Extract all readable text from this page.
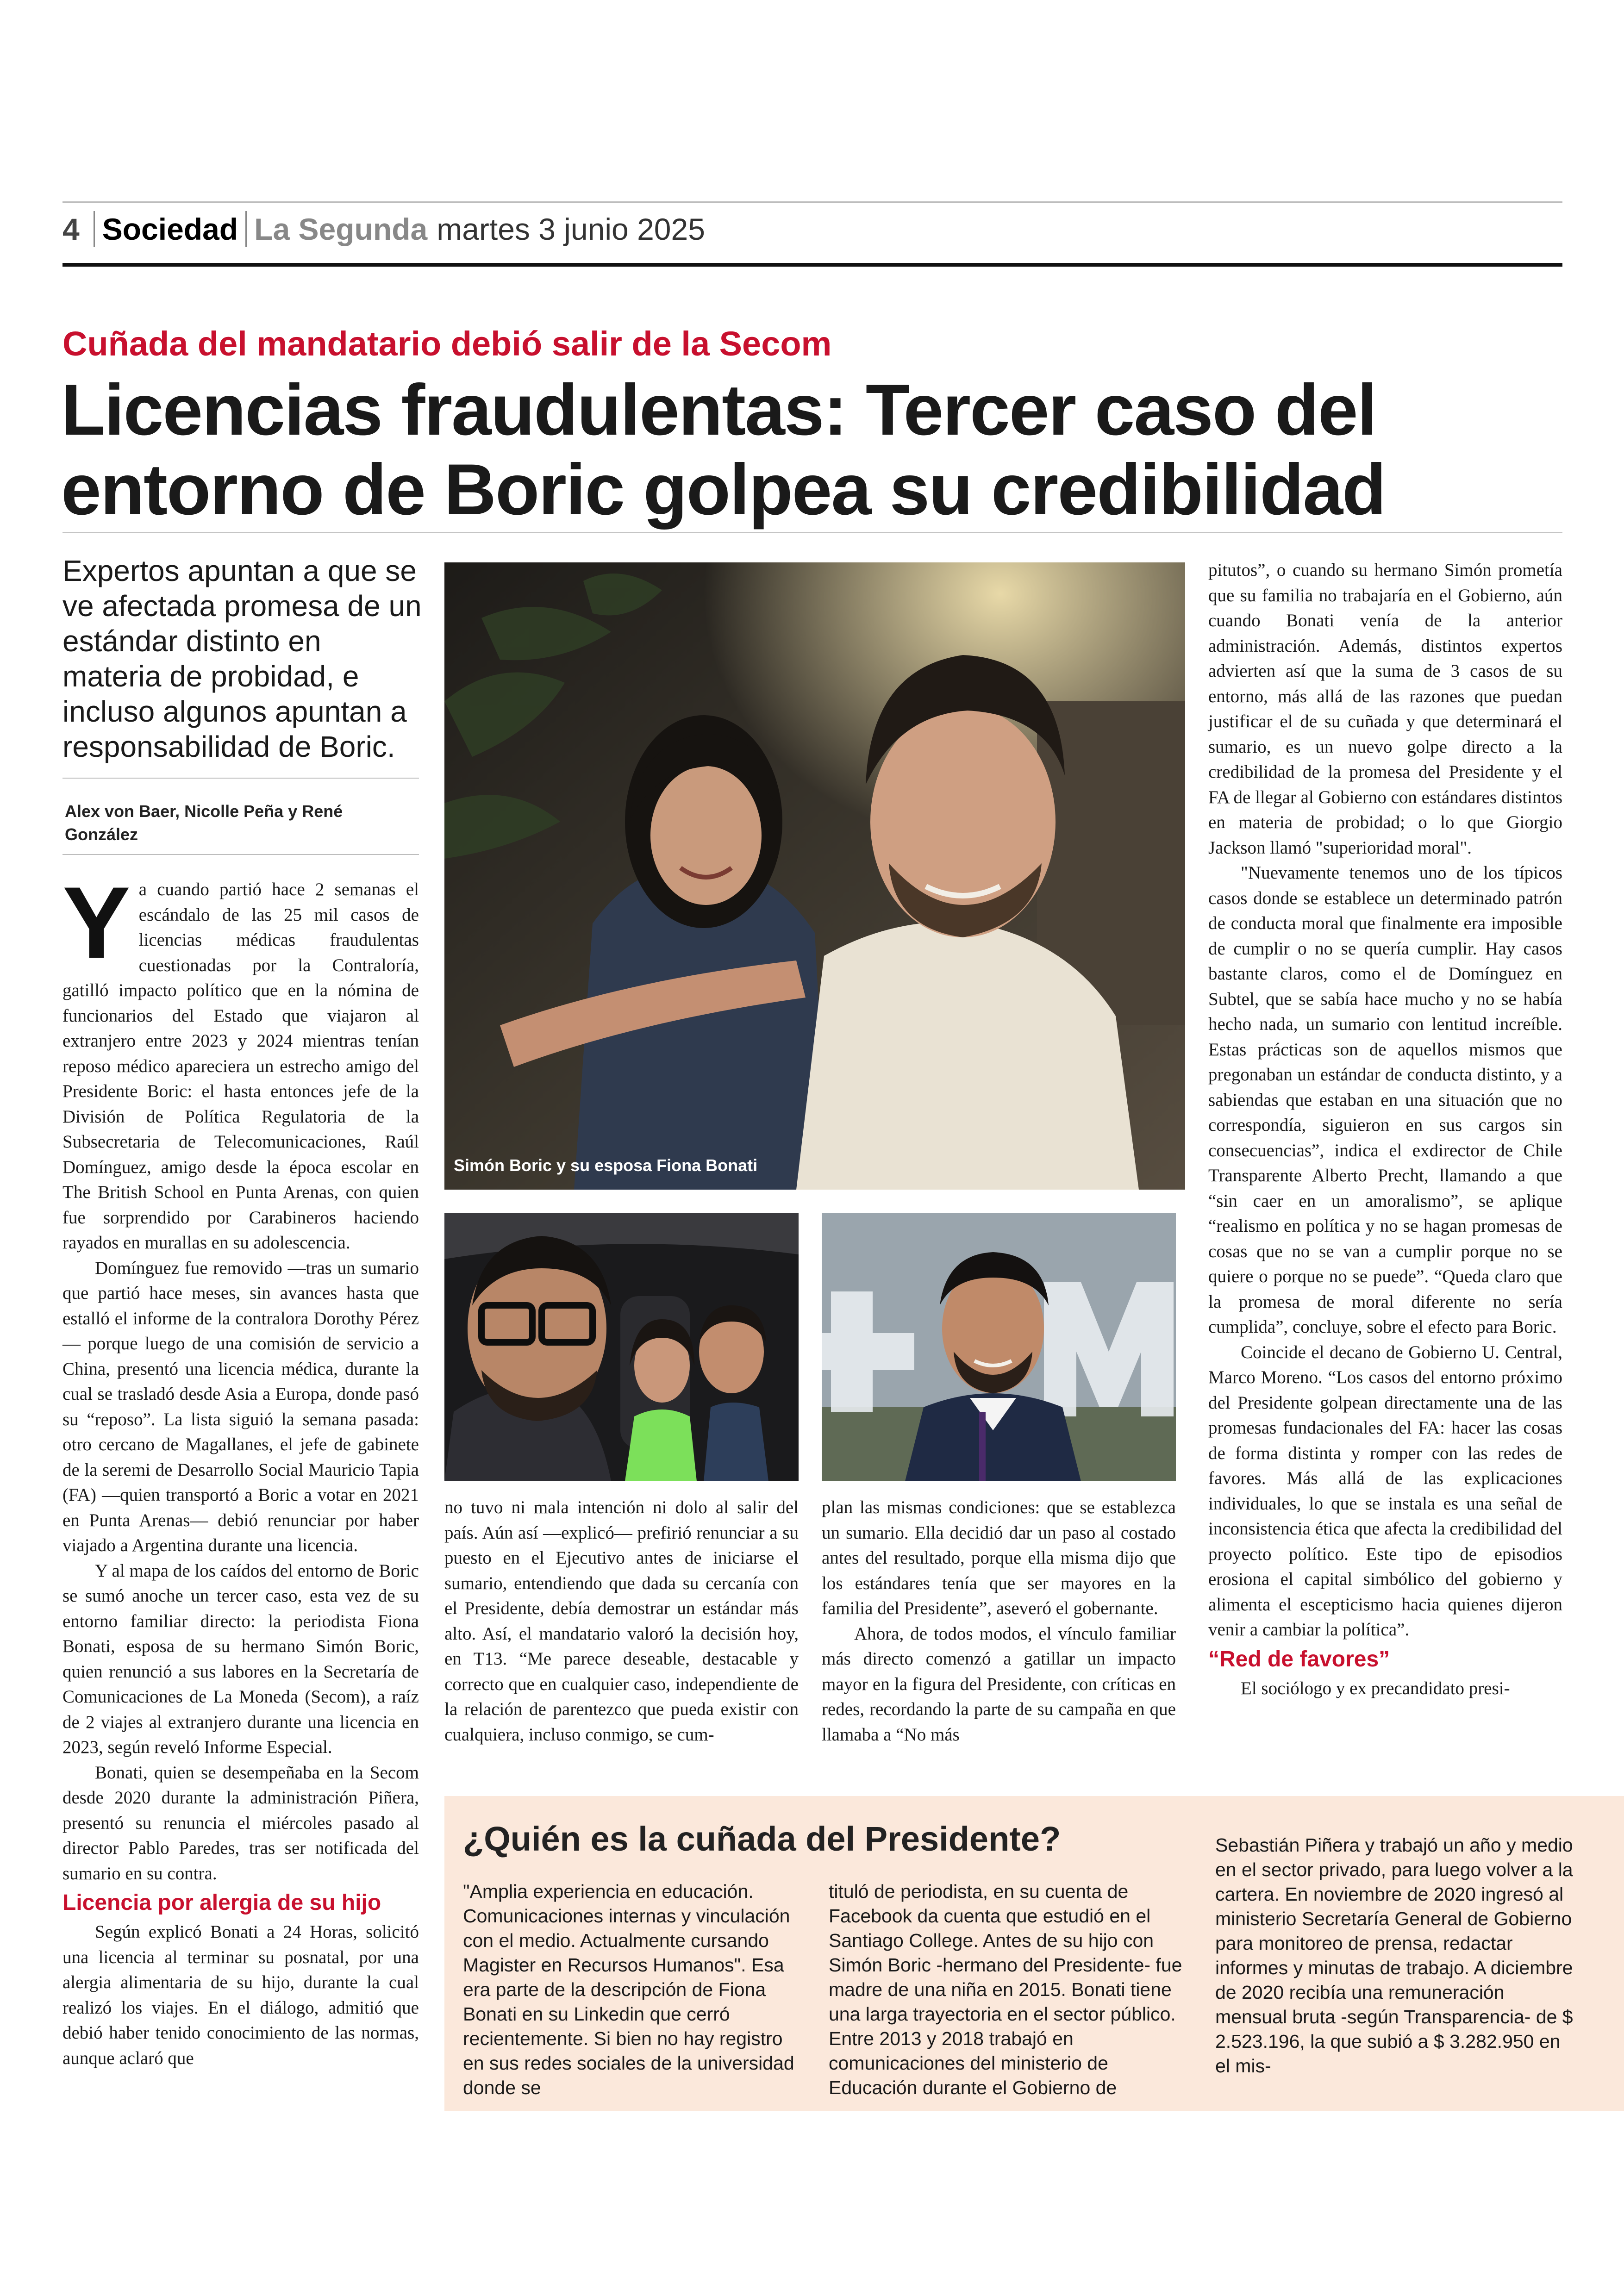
4 Sociedad La Segunda martes 3 junio 2025
Cuñada del mandatario debió salir de la Secom
Licencias fraudulentas: Tercer caso del
entorno de Boric golpea su credibilidad
Expertos apuntan a que se ve afectada promesa de un estándar distinto en materia de probidad, e incluso algunos apuntan a responsabilidad de Boric.
Alex von Baer, Nicolle Peña y René González

Ya cuando partió hace 2 semanas el escándalo de las 25 mil casos de licencias médicas fraudulentas cuestionadas por la Contraloría, gatilló impacto político que en la nómina de funcionarios del Estado que viajaron al extranjero entre 2023 y 2024 mientras tenían reposo médico apareciera un estrecho amigo del Presidente Boric: el hasta entonces jefe de la División de Política Regulatoria de la Subsecretaria de Telecomunicaciones, Raúl Domínguez, amigo desde la época escolar en The British School en Punta Arenas, con quien fue sorprendido por Carabineros haciendo rayados en murallas en su adolescencia.

Domínguez fue removido —tras un sumario que partió hace meses, sin avances hasta que estalló el informe de la contralora Dorothy Pérez— porque luego de una comisión de servicio a China, presentó una licencia médica, durante la cual se trasladó desde Asia a Europa, donde pasó su “reposo”. La lista siguió la semana pasada: otro cercano de Magallanes, el jefe de gabinete de la seremi de Desarrollo Social Mauricio Tapia (FA) —quien transportó a Boric a votar en 2021 en Punta Arenas— debió renunciar por haber viajado a Argentina durante una licencia.

Y al mapa de los caídos del entorno de Boric se sumó anoche un tercer caso, esta vez de su entorno familiar directo: la periodista Fiona Bonati, esposa de su hermano Simón Boric, quien renunció a sus labores en la Secretaría de Comunicaciones de La Moneda (Secom), a raíz de 2 viajes al extranjero durante una licencia en 2023, según reveló Informe Especial.

Bonati, quien se desempeñaba en la Secom desde 2020 durante la administración Piñera, presentó su renuncia el miércoles pasado al director Pablo Paredes, tras ser notificada del sumario en su contra.

Licencia por alergia de su hijo

Según explicó Bonati a 24 Horas, solicitó una licencia al terminar su posnatal, por una alergia alimentaria de su hijo, durante la cual realizó los viajes. En el diálogo, admitió que debió haber tenido conocimiento de las normas, aunque aclaró que

Simón Boric y su esposa Fiona Bonati

no tuvo ni mala intención ni dolo al salir del país. Aún así —explicó— prefirió renunciar a su puesto en el Ejecutivo antes de iniciarse el sumario, entendiendo que dada su cercanía con el Presidente, debía demostrar un estándar más alto. Así, el mandatario valoró la decisión hoy, en T13. “Me parece deseable, destacable y correcto que en cualquier caso, independiente de la relación de parentezco que pueda existir con cualquiera, incluso conmigo, se cum-

plan las mismas condiciones: que se establezca un sumario. Ella decidió dar un paso al costado antes del resultado, porque ella misma dijo que los estándares tenía que ser mayores en la familia del Presidente”, aseveró el gobernante.

Ahora, de todos modos, el vínculo familiar más directo comenzó a gatillar un impacto mayor en la figura del Presidente, con críticas en redes, recordando la parte de su campaña en que llamaba a “No más

pitutos”, o cuando su hermano Simón prometía que su familia no trabajaría en el Gobierno, aún cuando Bonati venía de la anterior administración. Además, distintos expertos advierten así que la suma de 3 casos de su entorno, más allá de las razones que puedan justificar el de su cuñada y que determinará el sumario, es un nuevo golpe directo a la credibilidad de la promesa del Presidente y el FA de llegar al Gobierno con estándares distintos en materia de probidad; o lo que Giorgio Jackson llamó "superioridad moral".

"Nuevamente tenemos uno de los típicos casos donde se establece un determinado patrón de conducta moral que finalmente era imposible de cumplir o no se quería cumplir. Hay casos bastante claros, como el de Domínguez en Subtel, que se sabía hace mucho y no se había hecho nada, un sumario con lentitud increíble. Estas prácticas son de aquellos mismos que pregonaban un estándar de conducta distinto, y a sabiendas que estaban en una situación que no correspondía, siguieron en sus cargos sin consecuencias”, indica el exdirector de Chile Transparente Alberto Precht, llamando a que “sin caer en un amoralismo”, se aplique “realismo en política y no se hagan promesas de cosas que no se van a cumplir porque no se quiere o porque no se puede”. “Queda claro que la promesa de moral diferente no sería cumplida”, concluye, sobre el efecto para Boric.

Coincide el decano de Gobierno U. Central, Marco Moreno. “Los casos del entorno próximo del Presidente golpean directamente una de las promesas fundacionales del FA: hacer las cosas de forma distinta y romper con las redes de favores. Más allá de las explicaciones individuales, lo que se instala es una señal de inconsistencia ética que afecta la credibilidad del proyecto político. Este tipo de episodios erosiona el capital simbólico del gobierno y alimenta el escepticismo hacia quienes dijeron venir a cambiar la política”.

“Red de favores”

El sociólogo y ex precandidato presi-

¿Quién es la cuñada del Presidente?

"Amplia experiencia en educación. Comunicaciones internas y vinculación con el medio. Actualmente cursando Magister en Recursos Humanos". Esa era parte de la descripción de Fiona Bonati en su Linkedin que cerró recientemente. Si bien no hay registro en sus redes sociales de la universidad donde se

tituló de periodista, en su cuenta de Facebook da cuenta que estudió en el Santiago College. Antes de su hijo con Simón Boric -hermano del Presidente- fue madre de una niña en 2015. Bonati tiene una larga trayectoria en el sector público. Entre 2013 y 2018 trabajó en comunicaciones del ministerio de Educación durante el Gobierno de

Sebastián Piñera y trabajó un año y medio en el sector privado, para luego volver a la cartera. En noviembre de 2020 ingresó al ministerio Secretaría General de Gobierno para monitoreo de prensa, redactar informes y minutas de trabajo. A diciembre de 2020 recibía una remuneración mensual bruta -según Transparencia- de $ 2.523.196, la que subió a $ 3.282.950 en el mis-
